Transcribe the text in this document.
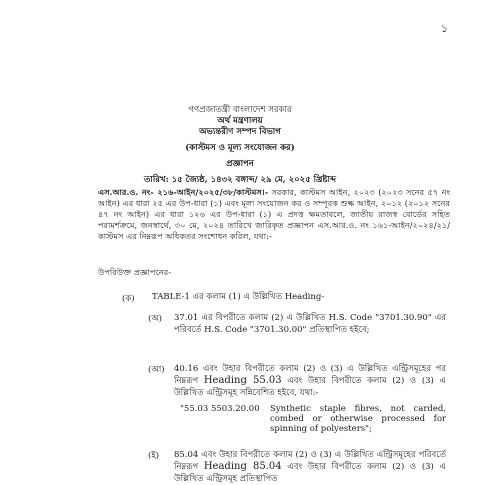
১
গণপ্রজাতন্ত্রী বাংলাদেশ সরকার
অর্থ মন্ত্রণালয়
অভ্যন্তরীণ সম্পদ বিভাগ
(কাস্টমস ও মূল্য সংযোজন কর)
প্রজ্ঞাপন
তারিখ: ১৫ জ্যৈষ্ঠ, ১৪৩২ বঙ্গাব্দ/ ২৯ মে, ২০২৫ খ্রিষ্টাব্দ
এস.আর.ও. নং- ২১৬-আইন/২০২৫/৩৮/কাস্টমস।- সরকার, কাস্টমস আইন, ২০২৩ (২০২৩ সনের ৫৭ নং আইন) এর ধারা ২৫ এর উপ-ধারা (১) এবং মূল্য সংযোজন কর ও সম্পূরক শুল্ক আইন, ২০১২ (২০১২ সনের ৪৭ নং আইন) এর ধারা ১২৬ এর উপ-ধারা (১) এ প্রদত্ত ক্ষমতাবলে, জাতীয় রাজস্ব বোর্ডের সহিত পরামর্শক্রমে, জনস্বার্থে, ৩০ মে, ২০২৪ তারিখে জারিকৃত প্রজ্ঞাপন এস.আর.ও. নং ১৬১-আইন/২০২৪/২১/কাস্টমস এর নিম্নরূপ অধিকতর সংশোধন করিল, যথা:-
উপরিউক্ত প্রজ্ঞাপনের-
(ক) TABLE-1 এর কলাম (1) এ উল্লিখিত Heading-
(অ) 37.01 এর বিপরীতে কলাম (2) এ উল্লিখিত H.S. Code "3701.30.90" এর পরিবর্তে H.S. Code "3701.30.00" প্রতিস্থাপিত হইবে;
(আ) 40.16 এবং উহার বিপরীতে কলাম (2) ও (3) এ উল্লিখিত এন্ট্রিসমূহের পর নিম্নরূপ Heading 55.03 এবং উহার বিপরীতে কলাম (2) ও (3) এ উল্লিখিত এন্ট্রিসমূহ সন্নিবেশিত হইবে, যথা:-
"55.03 5503.20.00 Synthetic staple fibres, not carded, combed or otherwise processed for spinning of polyesters";
(ই) 85.04 এবং উহার বিপরীতে কলাম (2) ও (3) এ উল্লিখিত এন্ট্রিসমূহের পরিবর্তে নিম্নরূপ Heading 85.04 এবং উহার বিপরীতে কলাম (2) ও (3) এ উল্লিখিত এন্ট্রিসমূহ প্রতিস্থাপিত
